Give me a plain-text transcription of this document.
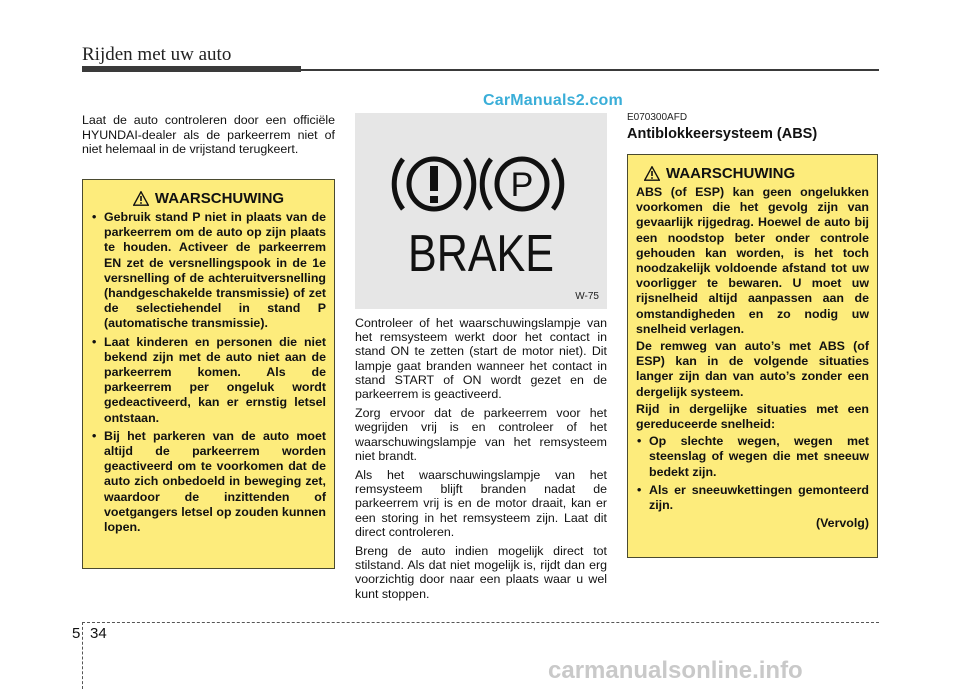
Rijden met uw auto
CarManuals2.com
Laat de auto controleren door een officiële HYUNDAI-dealer als de parkeerrem niet of niet helemaal in de vrijstand terugkeert.
WAARSCHUWING
• Gebruik stand P niet in plaats van de parkeerrem om de auto op zijn plaats te houden. Activeer de parkeerrem EN zet de versnellingspook in de 1e versnelling of de achteruitversnelling (handgeschakelde transmissie) of zet de selectiehendel in stand P (automatische transmissie).
• Laat kinderen en personen die niet bekend zijn met de auto niet aan de parkeerrem komen. Als de parkeerrem per ongeluk wordt gedeactiveerd, kan er ernstig letsel ontstaan.
• Bij het parkeren van de auto moet altijd de parkeerrem worden geactiveerd om te voorkomen dat de auto zich onbedoeld in beweging zet, waardoor de inzittenden of voetgangers letsel op zouden kunnen lopen.
P
BRAKE
W-75

Controleer of het waarschuwingslampje van het remsysteem werkt door het contact in stand ON te zetten (start de motor niet). Dit lampje gaat branden wanneer het contact in stand START of ON wordt gezet en de parkeerrem is geactiveerd.

Zorg ervoor dat de parkeerrem voor het wegrijden vrij is en controleer of het waarschuwingslampje van het remsysteem niet brandt.

Als het waarschuwingslampje van het remsysteem blijft branden nadat de parkeerrem vrij is en de motor draait, kan er een storing in het remsysteem zijn. Laat dit direct controleren.

Breng de auto indien mogelijk direct tot stilstand. Als dat niet mogelijk is, rijdt dan erg voorzichtig door naar een plaats waar u wel kunt stoppen.

E070300AFD
Antiblokkeersysteem (ABS)
WAARSCHUWING

ABS (of ESP) kan geen ongelukken voorkomen die het gevolg zijn van gevaarlijk rijgedrag. Hoewel de auto bij een noodstop beter onder controle gehouden kan worden, is het toch noodzakelijk voldoende afstand tot uw voorligger te bewaren. U moet uw rijsnelheid altijd aanpassen aan de omstandigheden en zo nodig uw snelheid verlagen.

De remweg van auto’s met ABS (of ESP) kan in de volgende situaties langer zijn dan van auto’s zonder een dergelijk systeem.

Rijd in dergelijke situaties met een gereduceerde snelheid:

• Op slechte wegen, wegen met steenslag of wegen die met sneeuw bedekt zijn.
• Als er sneeuwkettingen gemonteerd zijn.
(Vervolg)
5 34
carmanualsonline.info
